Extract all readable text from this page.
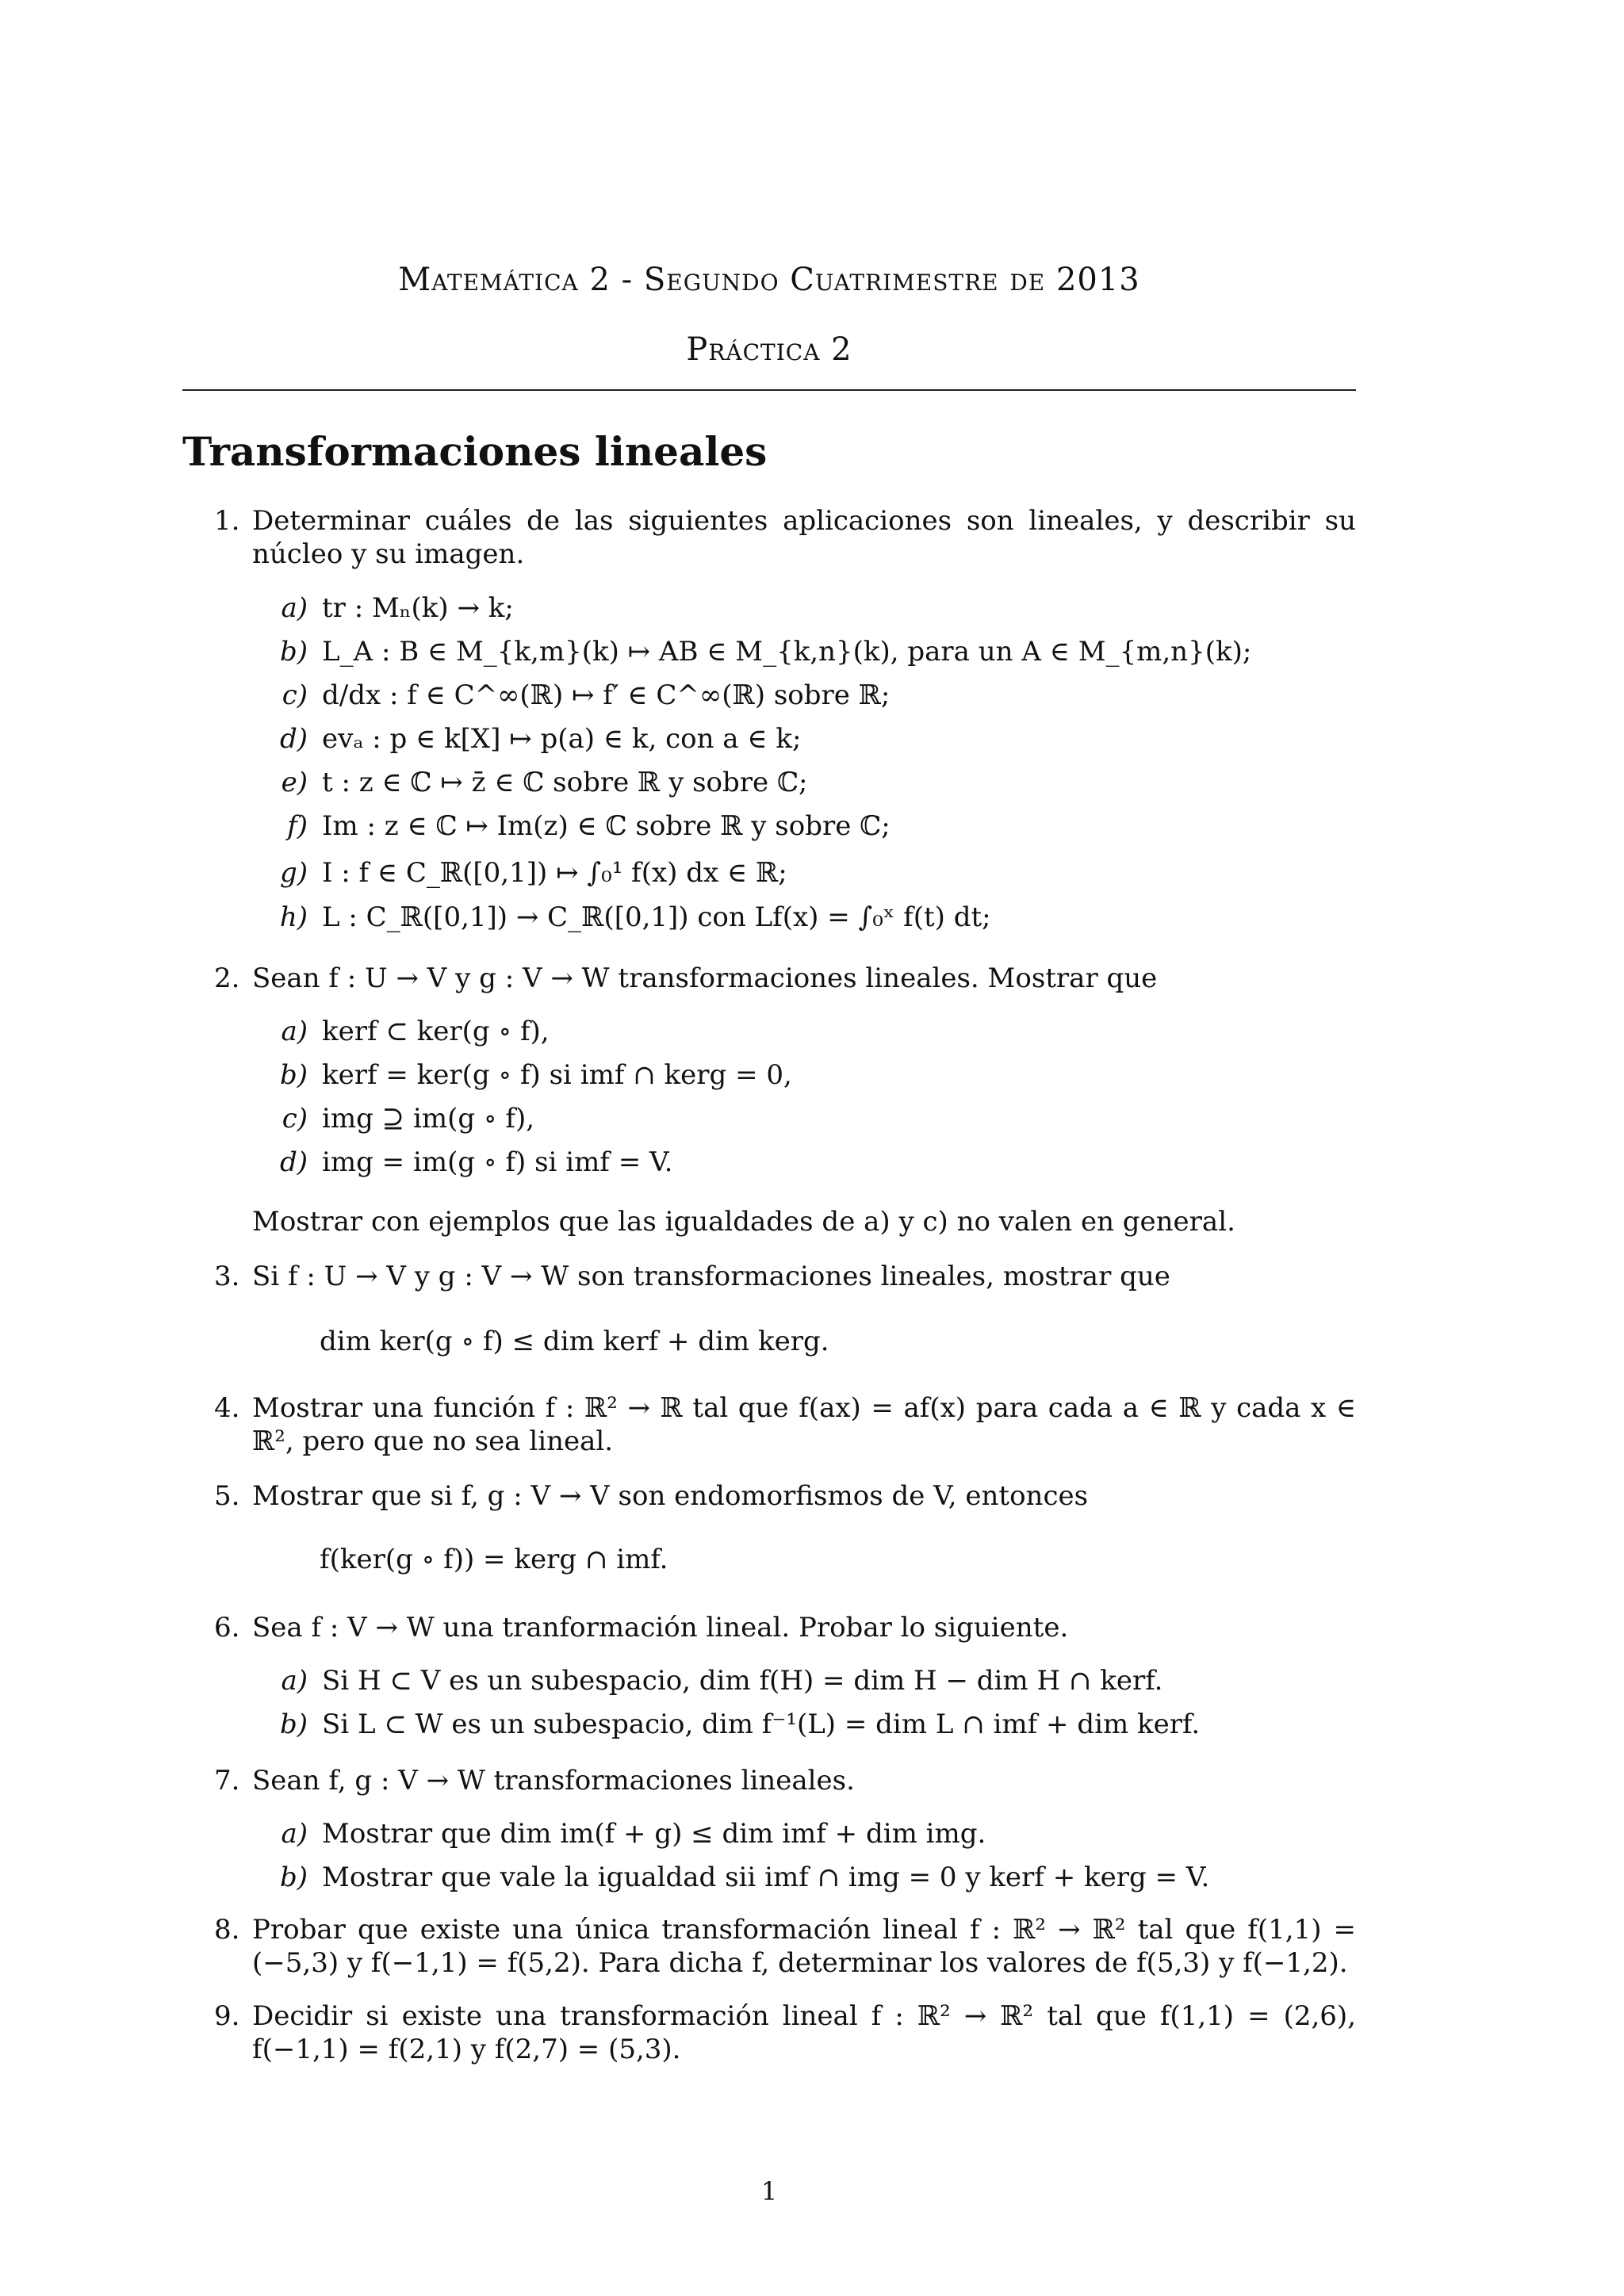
Matemática 2 - Segundo Cuatrimestre de 2013
Práctica 2
Transformaciones lineales
1. Determinar cuáles de las siguientes aplicaciones son lineales, y describir su núcleo y su imagen.
a) tr : Mₙ(k) → k;
b) L_A : B ∈ M_{k,m}(k) ↦ AB ∈ M_{k,n}(k), para un A ∈ M_{m,n}(k);
c) d/dx : f ∈ C^∞(ℝ) ↦ f′ ∈ C^∞(ℝ) sobre ℝ;
d) evₐ : p ∈ k[X] ↦ p(a) ∈ k, con a ∈ k;
e) t : z ∈ ℂ ↦ z̄ ∈ ℂ sobre ℝ y sobre ℂ;
f) Im : z ∈ ℂ ↦ Im(z) ∈ ℂ sobre ℝ y sobre ℂ;
g) I : f ∈ C_ℝ([0,1]) ↦ ∫₀¹ f(x) dx ∈ ℝ;
h) L : C_ℝ([0,1]) → C_ℝ([0,1]) con Lf(x) = ∫₀ˣ f(t) dt;
2. Sean f : U → V y g : V → W transformaciones lineales. Mostrar que
a) kerf ⊂ ker(g ∘ f),
b) kerf = ker(g ∘ f) si imf ∩ kerg = 0,
c) img ⊇ im(g ∘ f),
d) img = im(g ∘ f) si imf = V.
Mostrar con ejemplos que las igualdades de a) y c) no valen en general.
3. Si f : U → V y g : V → W son transformaciones lineales, mostrar que
dim ker(g ∘ f) ≤ dim kerf + dim kerg.
4. Mostrar una función f : ℝ² → ℝ tal que f(ax) = af(x) para cada a ∈ ℝ y cada x ∈ ℝ², pero que no sea lineal.
5. Mostrar que si f, g : V → V son endomorfismos de V, entonces
f(ker(g ∘ f)) = kerg ∩ imf.
6. Sea f : V → W una tranformación lineal. Probar lo siguiente.
a) Si H ⊂ V es un subespacio, dim f(H) = dim H − dim H ∩ kerf.
b) Si L ⊂ W es un subespacio, dim f⁻¹(L) = dim L ∩ imf + dim kerf.
7. Sean f, g : V → W transformaciones lineales.
a) Mostrar que dim im(f + g) ≤ dim imf + dim img.
b) Mostrar que vale la igualdad sii imf ∩ img = 0 y kerf + kerg = V.
8. Probar que existe una única transformación lineal f : ℝ² → ℝ² tal que f(1,1) = (−5,3) y f(−1,1) = f(5,2). Para dicha f, determinar los valores de f(5,3) y f(−1,2).
9. Decidir si existe una transformación lineal f : ℝ² → ℝ² tal que f(1,1) = (2,6), f(−1,1) = f(2,1) y f(2,7) = (5,3).
1
